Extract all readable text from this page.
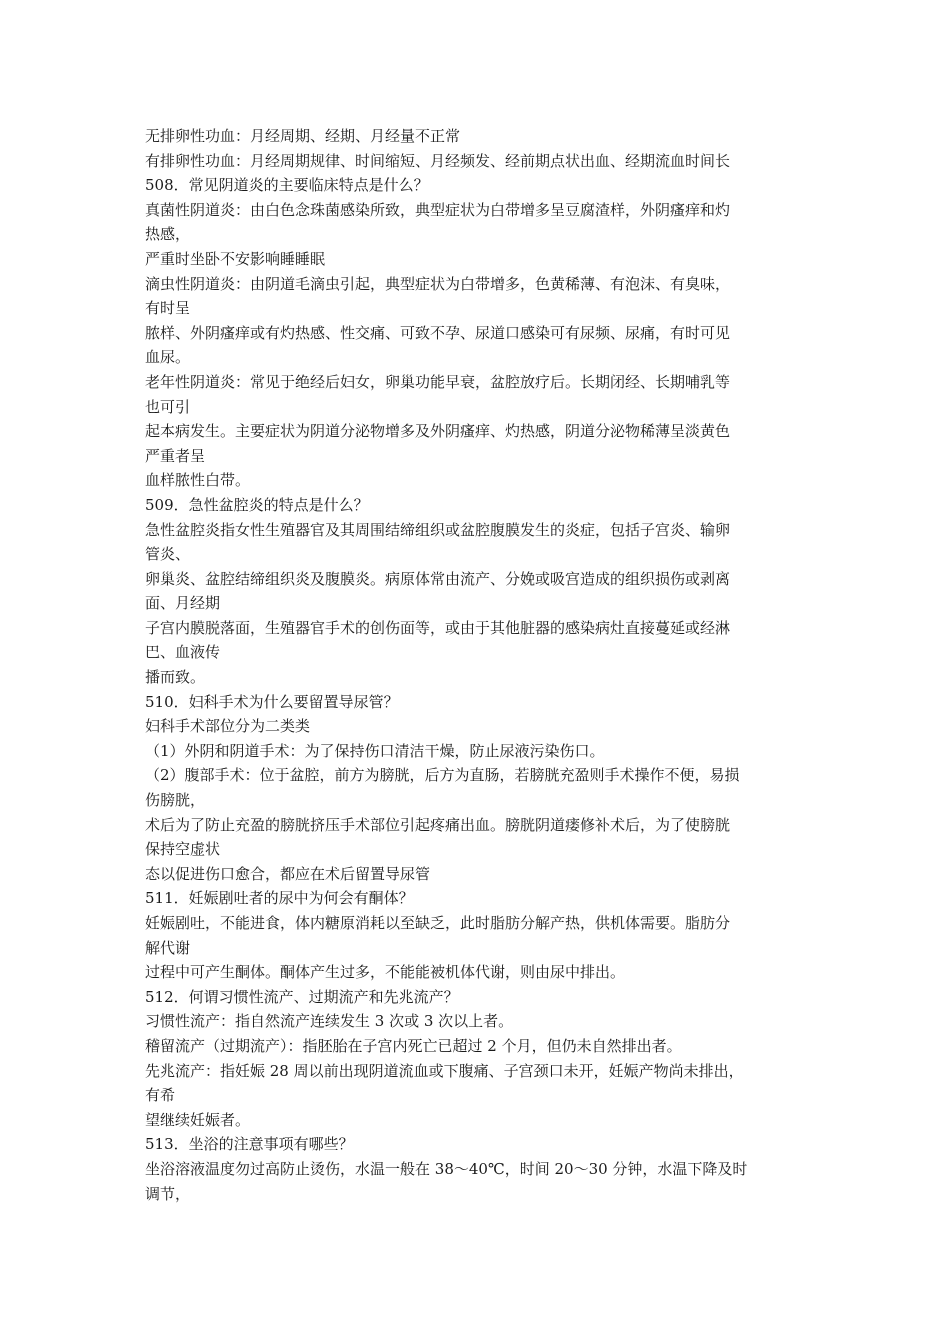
无排卵性功血：月经周期、经期、月经量不正常
有排卵性功血：月经周期规律、时间缩短、月经频发、经前期点状出血、经期流血时间长
508．常见阴道炎的主要临床特点是什么？
真菌性阴道炎：由白色念珠菌感染所致，典型症状为白带增多呈豆腐渣样，外阴瘙痒和灼
热感，
严重时坐卧不安影响睡睡眠
滴虫性阴道炎：由阴道毛滴虫引起，典型症状为白带增多，色黄稀薄、有泡沫、有臭味，
有时呈
脓样、外阴瘙痒或有灼热感、性交痛、可致不孕、尿道口感染可有尿频、尿痛，有时可见
血尿。
老年性阴道炎：常见于绝经后妇女，卵巢功能早衰，盆腔放疗后。长期闭经、长期哺乳等
也可引
起本病发生。主要症状为阴道分泌物增多及外阴瘙痒、灼热感，阴道分泌物稀薄呈淡黄色
严重者呈
血样脓性白带。
509．急性盆腔炎的特点是什么？
急性盆腔炎指女性生殖器官及其周围结缔组织或盆腔腹膜发生的炎症，包括子宫炎、输卵
管炎、
卵巢炎、盆腔结缔组织炎及腹膜炎。病原体常由流产、分娩或吸宫造成的组织损伤或剥离
面、月经期
子宫内膜脱落面，生殖器官手术的创伤面等，或由于其他脏器的感染病灶直接蔓延或经淋
巴、血液传
播而致。
510．妇科手术为什么要留置导尿管？
妇科手术部位分为二类类
（1）外阴和阴道手术：为了保持伤口清洁干燥，防止尿液污染伤口。
（2）腹部手术：位于盆腔，前方为膀胱，后方为直肠，若膀胱充盈则手术操作不便，易损
伤膀胱，
术后为了防止充盈的膀胱挤压手术部位引起疼痛出血。膀胱阴道瘘修补术后，为了使膀胱
保持空虚状
态以促进伤口愈合，都应在术后留置导尿管
511．妊娠剧吐者的尿中为何会有酮体？
妊娠剧吐，不能进食，体内糖原消耗以至缺乏，此时脂肪分解产热，供机体需要。脂肪分
解代谢
过程中可产生酮体。酮体产生过多，不能能被机体代谢，则由尿中排出。
512．何谓习惯性流产、过期流产和先兆流产？
习惯性流产：指自然流产连续发生 3 次或 3 次以上者。
稽留流产（过期流产）：指胚胎在子宫内死亡已超过 2 个月，但仍未自然排出者。
先兆流产：指妊娠 28 周以前出现阴道流血或下腹痛、子宫颈口未开，妊娠产物尚未排出，
有希
望继续妊娠者。
513．坐浴的注意事项有哪些？
坐浴溶液温度勿过高防止烫伤，水温一般在 38～40℃，时间 20～30 分钟，水温下降及时
调节，
